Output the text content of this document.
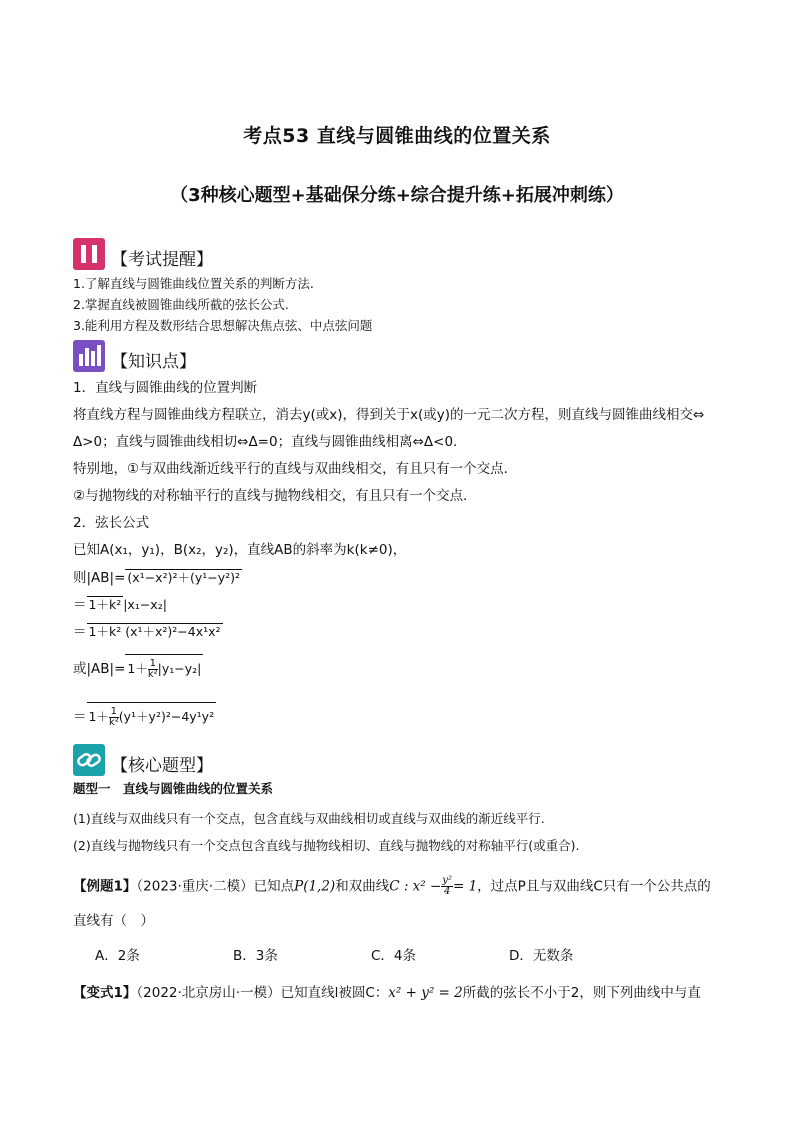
考点53 直线与圆锥曲线的位置关系
（3种核心题型+基础保分练+综合提升练+拓展冲刺练）
【考试提醒】
1.了解直线与圆锥曲线位置关系的判断方法.
2.掌握直线被圆锥曲线所截的弦长公式.
3.能利用方程及数形结合思想解决焦点弦、中点弦问题
【知识点】
1．直线与圆锥曲线的位置判断
将直线方程与圆锥曲线方程联立，消去y(或x)，得到关于x(或y)的一元二次方程，则直线与圆锥曲线相交⇔
Δ>0；直线与圆锥曲线相切⇔Δ=0；直线与圆锥曲线相离⇔Δ<0.
特别地，①与双曲线渐近线平行的直线与双曲线相交，有且只有一个交点．
②与抛物线的对称轴平行的直线与抛物线相交，有且只有一个交点．
2．弦长公式
已知A(x₁，y₁)，B(x₂，y₂)，直线AB的斜率为k(k≠0)，
则|AB|= (x¹−x²)²＋(y¹−y²)²
＝ 1＋k² |x₁−x₂|
＝ 1＋k² (x¹＋x²)²−4x¹x²
或$|AB|= 1+ \frac{1}{\text{k²}} |y_1-y_2|$
＝ $1+ \frac{1}{\text{k²}} (y^1+y^2)^2-4y^1y^2$
【核心题型】
题型一　直线与圆锥曲线的位置关系
(1)直线与双曲线只有一个交点，包含直线与双曲线相切或直线与双曲线的渐近线平行.
(2)直线与抛物线只有一个交点包含直线与抛物线相切、直线与抛物线的对称轴平行(或重合).
【例题1】（2023·重庆·二模）已知点P(1,2)和双曲线C : $x^2 - \frac{\text{y²}}{4} = 1$，过点P且与双曲线C只有一个公共点的
直线有（　）
A．2条	B．3条	C．4条	D．无数条
【变式1】（2022·北京房山·一模）已知直线l被圆C：x² + y² = 2所截的弦长不小于2，则下列曲线中与直
